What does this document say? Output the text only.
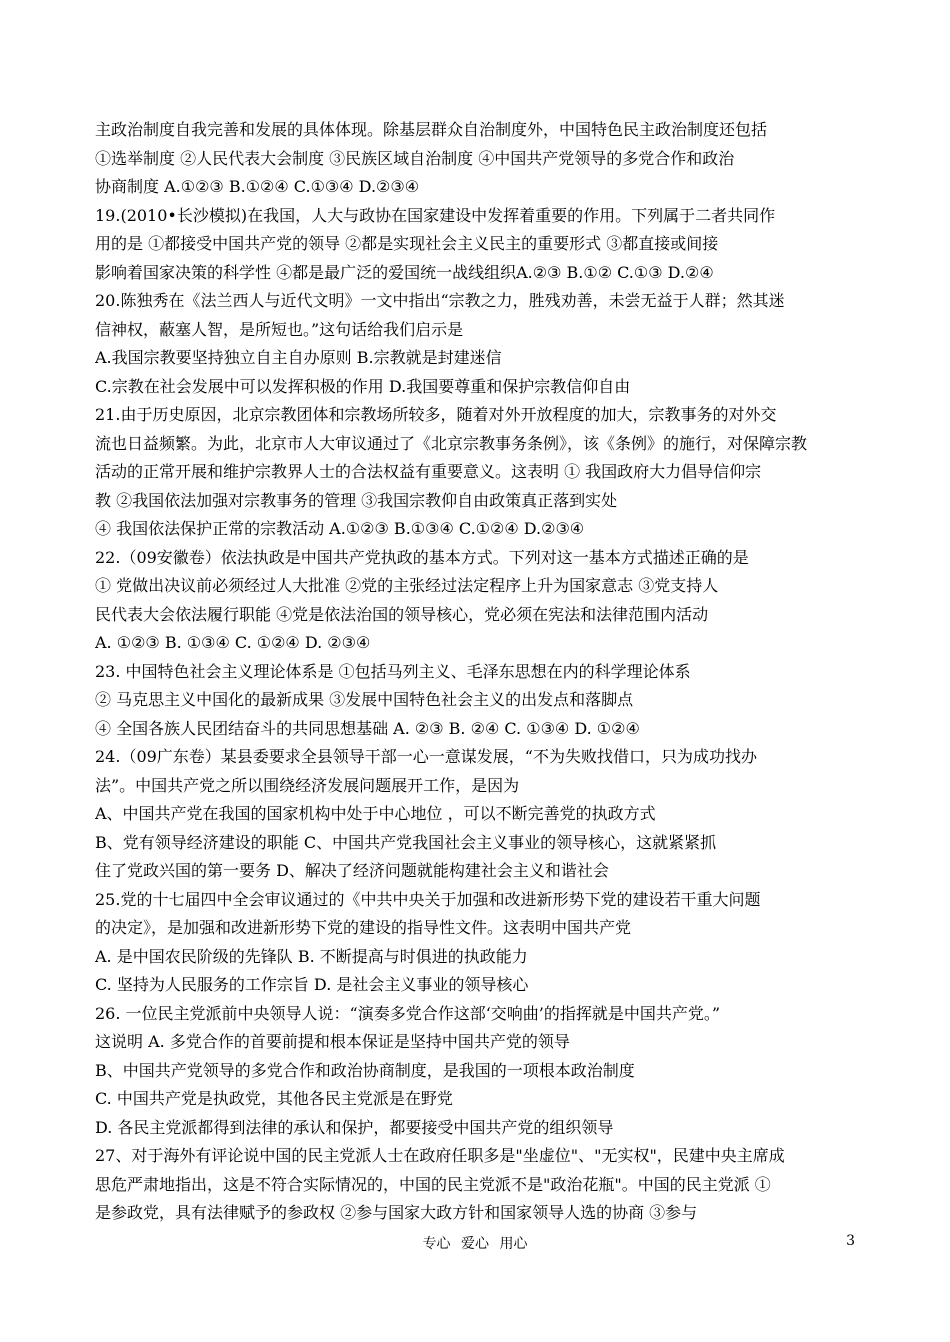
主政治制度自我完善和发展的具体体现。除基层群众自治制度外，中国特色民主政治制度还包括
①选举制度 ②人民代表大会制度 ③民族区域自治制度 ④中国共产党领导的多党合作和政治
协商制度 A.①②③ B.①②④ C.①③④ D.②③④
19.(2010•长沙模拟)在我国，人大与政协在国家建设中发挥着重要的作用。下列属于二者共同作
用的是 ①都接受中国共产党的领导 ②都是实现社会主义民主的重要形式 ③都直接或间接
影响着国家决策的科学性 ④都是最广泛的爱国统一战线组织A.②③ B.①② C.①③ D.②④
20.陈独秀在《法兰西人与近代文明》一文中指出“宗教之力，胜残劝善，未尝无益于人群；然其迷
信神权，蔽塞人智，是所短也。”这句话给我们启示是
A.我国宗教要坚持独立自主自办原则 B.宗教就是封建迷信
C.宗教在社会发展中可以发挥积极的作用 D.我国要尊重和保护宗教信仰自由
21.由于历史原因，北京宗教团体和宗教场所较多，随着对外开放程度的加大，宗教事务的对外交
流也日益频繁。为此，北京市人大审议通过了《北京宗教事务条例》，该《条例》的施行，对保障宗教
活动的正常开展和维护宗教界人士的合法权益有重要意义。这表明 ① 我国政府大力倡导信仰宗
教 ②我国依法加强对宗教事务的管理 ③我国宗教仰自由政策真正落到实处
④ 我国依法保护正常的宗教活动 A.①②③ B.①③④ C.①②④ D.②③④
22.（09安徽卷）依法执政是中国共产党执政的基本方式。下列对这一基本方式描述正确的是
① 党做出决议前必须经过人大批准 ②党的主张经过法定程序上升为国家意志 ③党支持人
民代表大会依法履行职能 ④党是依法治国的领导核心，党必须在宪法和法律范围内活动
A. ①②③ B. ①③④ C. ①②④ D. ②③④
23. 中国特色社会主义理论体系是 ①包括马列主义、毛泽东思想在内的科学理论体系
② 马克思主义中国化的最新成果 ③发展中国特色社会主义的出发点和落脚点
④ 全国各族人民团结奋斗的共同思想基础 A. ②③ B. ②④ C. ①③④ D. ①②④
24.（09广东卷）某县委要求全县领导干部一心一意谋发展，“不为失败找借口，只为成功找办
法”。中国共产党之所以围绕经济发展问题展开工作，是因为
A、中国共产党在我国的国家机构中处于中心地位 ，可以不断完善党的执政方式
B、党有领导经济建设的职能 C、中国共产党我国社会主义事业的领导核心，这就紧紧抓
住了党政兴国的第一要务 D、解决了经济问题就能构建社会主义和谐社会
25.党的十七届四中全会审议通过的《中共中央关于加强和改进新形势下党的建设若干重大问题
的决定》，是加强和改进新形势下党的建设的指导性文件。这表明中国共产党
A. 是中国农民阶级的先锋队 B. 不断提高与时俱进的执政能力
C. 坚持为人民服务的工作宗旨 D. 是社会主义事业的领导核心
26. 一位民主党派前中央领导人说：“演奏多党合作这部‘交响曲’的指挥就是中国共产党。”
这说明 A. 多党合作的首要前提和根本保证是坚持中国共产党的领导
B、中国共产党领导的多党合作和政治协商制度，是我国的一项根本政治制度
C. 中国共产党是执政党，其他各民主党派是在野党
D. 各民主党派都得到法律的承认和保护，都要接受中国共产党的组织领导
27、对于海外有评论说中国的民主党派人士在政府任职多是"坐虚位"、"无实权"，民建中央主席成
思危严肃地指出，这是不符合实际情况的，中国的民主党派不是"政治花瓶"。中国的民主党派 ①
是参政党，具有法律赋予的参政权 ②参与国家大政方针和国家领导人选的协商 ③参与
专心 爱心 用心	3
